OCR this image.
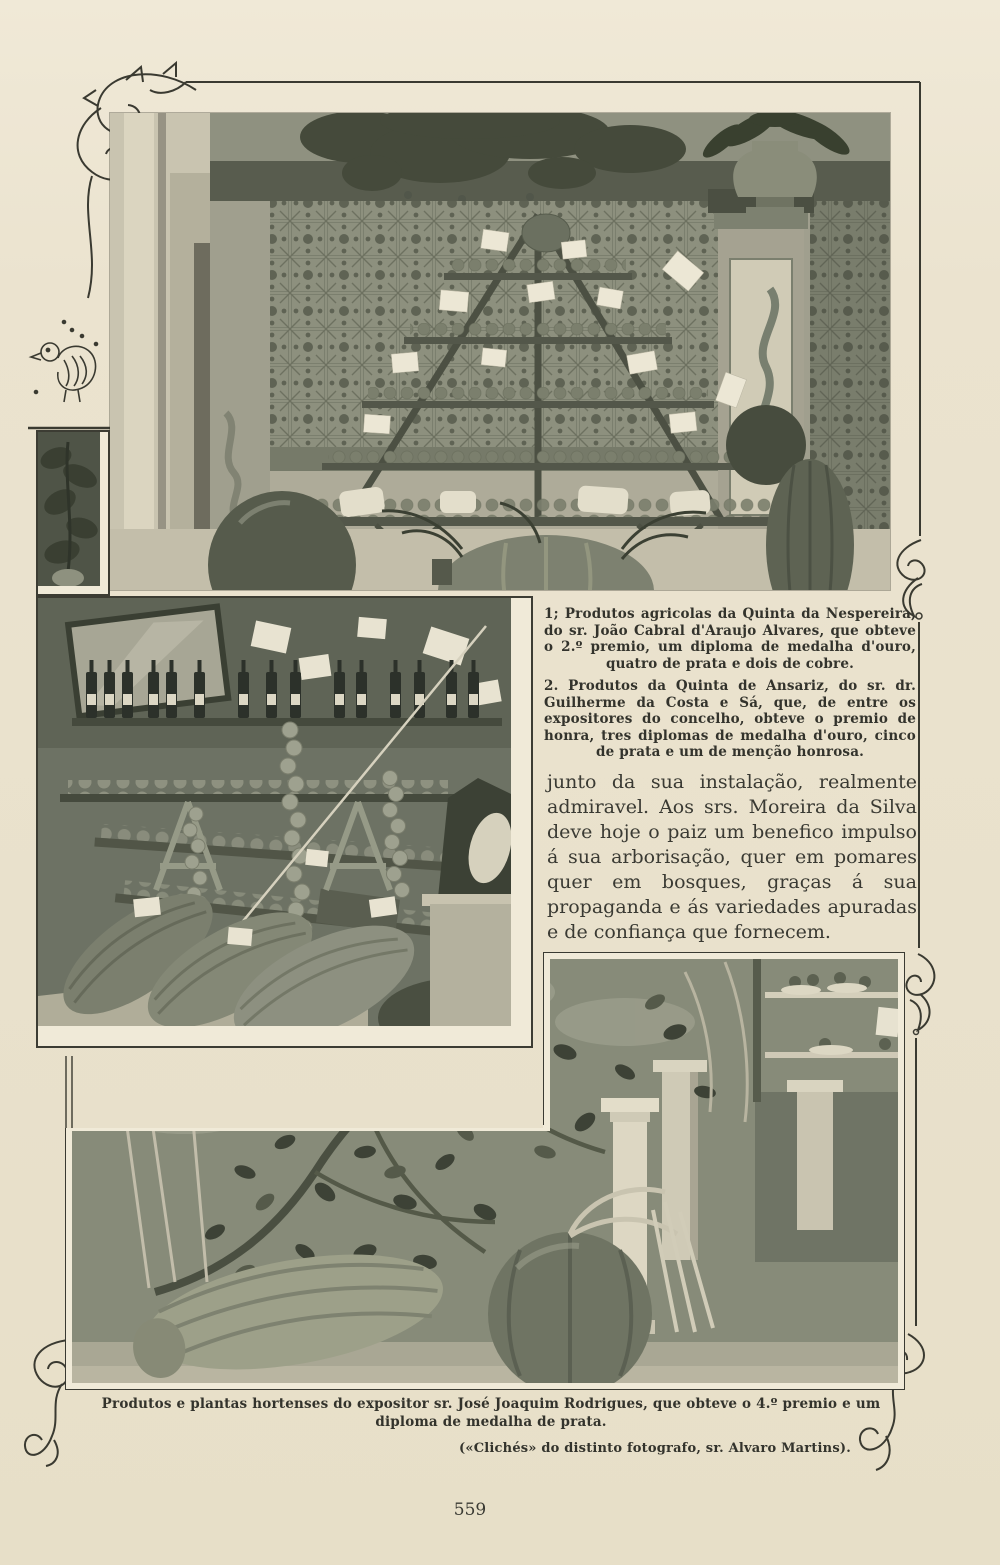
1; Produtos agricolas da Quinta da Nespereira, do sr. João Cabral d'Araujo Alvares, que obteve o 2.º premio, um diploma de medalha d'ouro, quatro de prata e dois de cobre.

2. Produtos da Quinta de Ansariz, do sr. dr. Guilherme da Costa e Sá, que, de entre os expositores do concelho, obteve o premio de honra, tres diplomas de medalha d'ouro, cinco de prata e um de menção honrosa.

junto da sua instalação, realmente admiravel. Aos srs. Moreira da Silva deve hoje o paiz um benefico impulso á sua arborisação, quer em pomares quer em bosques, graças á sua propaganda e ás variedades apuradas e de confiança que fornecem.

Produtos e plantas hortenses do expositor sr. José Joaquim Rodrigues, que obteve o 4.º premio e um diploma de medalha de prata.

(«Clichés» do distinto fotografo, sr. Alvaro Martins).

559
